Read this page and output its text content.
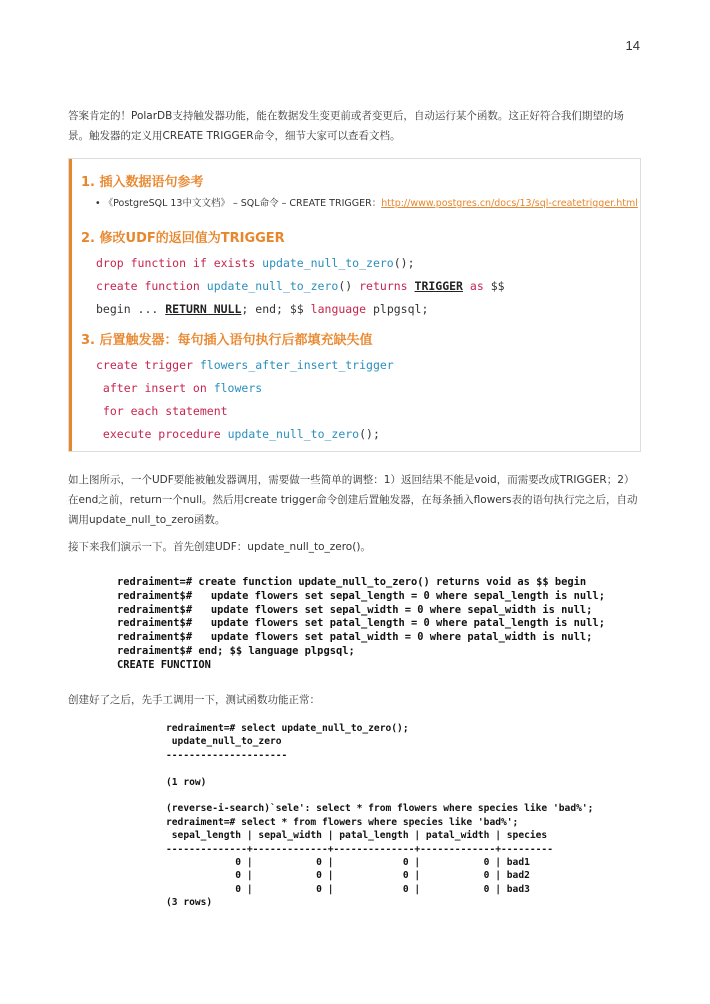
14
答案肯定的！PolarDB支持触发器功能，能在数据发生变更前或者变更后，自动运行某个函数。这正好符合我们期望的场景。触发器的定义用CREATE TRIGGER命令，细节大家可以查看文档。
1. 插入数据语句参考
• 《PostgreSQL 13中文文档》 – SQL命令 – CREATE TRIGGER：http://www.postgres.cn/docs/13/sql-createtrigger.html
2. 修改UDF的返回值为TRIGGER
drop function if exists update_null_to_zero();
create function update_null_to_zero() returns TRIGGER as $$
begin ... RETURN NULL; end; $$ language plpgsql;
3. 后置触发器：每句插入语句执行后都填充缺失值
create trigger flowers_after_insert_trigger
after insert on flowers
for each statement
execute procedure update_null_to_zero();
如上图所示，一个UDF要能被触发器调用，需要做一些简单的调整：1）返回结果不能是void，而需要改成TRIGGER；2）在end之前，return一个null。然后用create trigger命令创建后置触发器，在每条插入flowers表的语句执行完之后，自动调用update_null_to_zero函数。
接下来我们演示一下。首先创建UDF：update_null_to_zero()。
redraiment=# create function update_null_to_zero() returns void as $$ begin
redraiment$#   update flowers set sepal_length = 0 where sepal_length is null;
redraiment$#   update flowers set sepal_width = 0 where sepal_width is null;
redraiment$#   update flowers set patal_length = 0 where patal_length is null;
redraiment$#   update flowers set patal_width = 0 where patal_width is null;
redraiment$# end; $$ language plpgsql;
CREATE FUNCTION
创建好了之后，先手工调用一下，测试函数功能正常：
redraiment=# select update_null_to_zero();
update_null_to_zero
---------------------

(1 row)

(reverse-i-search)`sele': select * from flowers where species like 'bad%';
redraiment=# select * from flowers where species like 'bad%';
sepal_length | sepal_width | patal_length | patal_width | species
--------------+-------------+--------------+-------------+---------
0 |           0 |            0 |           0 | bad1
0 |           0 |            0 |           0 | bad2
0 |           0 |            0 |           0 | bad3
(3 rows)
